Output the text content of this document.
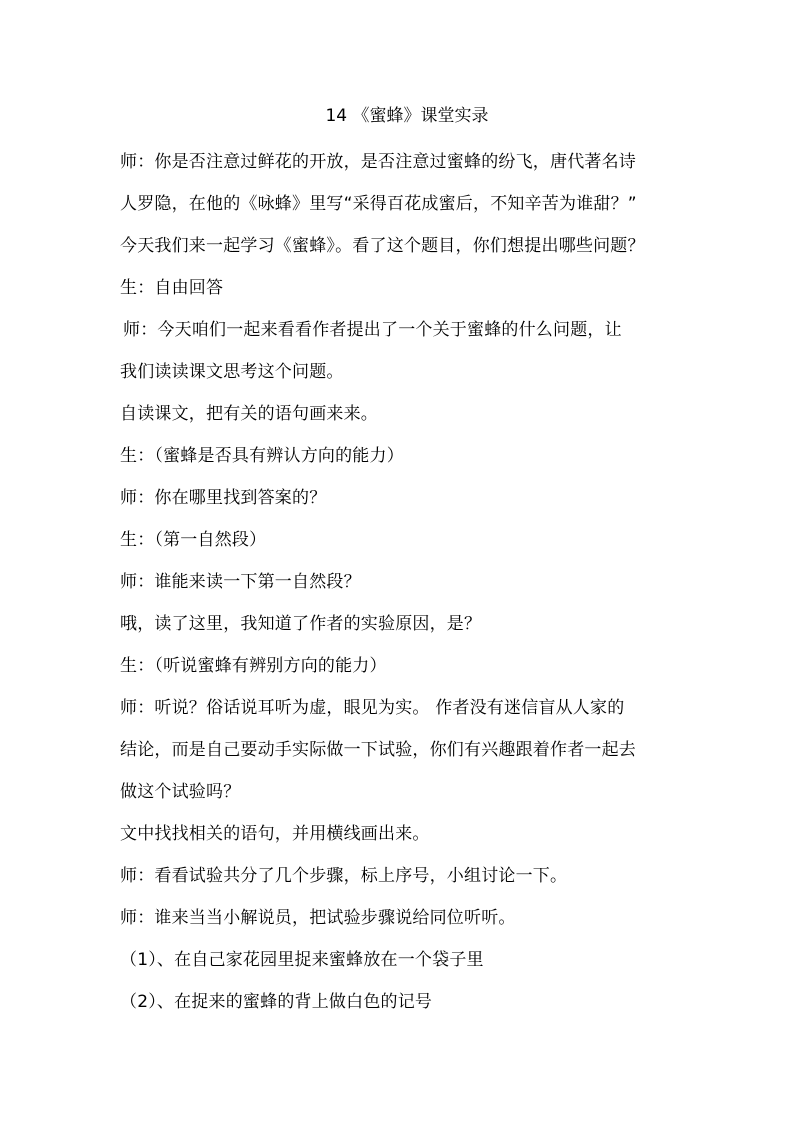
14 《蜜蜂》课堂实录
师：你是否注意过鲜花的开放，是否注意过蜜蜂的纷飞，唐代著名诗
人罗隐，在他的《咏蜂》里写“采得百花成蜜后，不知辛苦为谁甜？”
今天我们来一起学习《蜜蜂》。看了这个题目，你们想提出哪些问题？
生：自由回答
师：今天咱们一起来看看作者提出了一个关于蜜蜂的什么问题，让
我们读读课文思考这个问题。
自读课文，把有关的语句画来来。
生：（蜜蜂是否具有辨认方向的能力）
师：你在哪里找到答案的？
生：（第一自然段）
师：谁能来读一下第一自然段？
哦，读了这里，我知道了作者的实验原因，是？
生：（听说蜜蜂有辨别方向的能力）
师：听说？俗话说耳听为虚，眼见为实。 作者没有迷信盲从人家的
结论，而是自己要动手实际做一下试验，你们有兴趣跟着作者一起去
做这个试验吗？
文中找找相关的语句，并用横线画出来。
师：看看试验共分了几个步骤，标上序号，小组讨论一下。
师：谁来当当小解说员，把试验步骤说给同位听听。
（1）、在自己家花园里捉来蜜蜂放在一个袋子里
（2）、在捉来的蜜蜂的背上做白色的记号
